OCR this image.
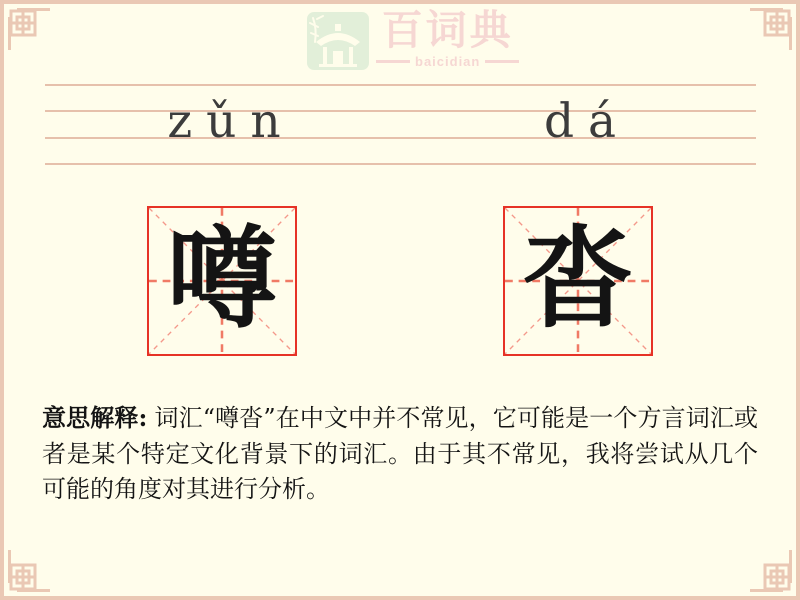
百词典
baicidian
zǔn	dá
噂 沓

意思解释: 词汇“噂沓”在中文中并不常见，它可能是一个方言词汇或者是某个特定文化背景下的词汇。由于其不常见，我将尝试从几个可能的角度对其进行分析。
